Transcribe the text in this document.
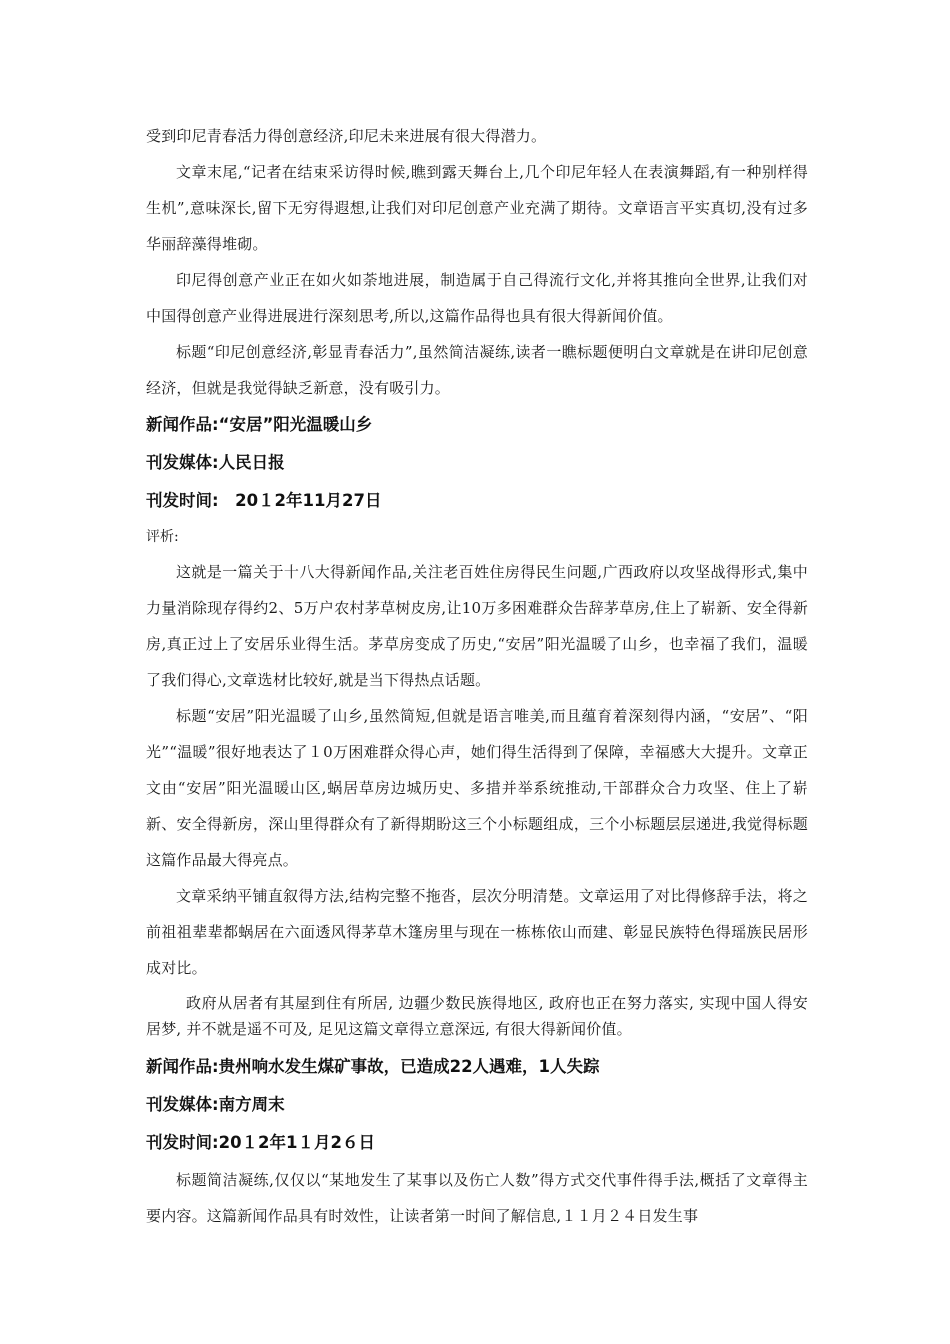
受到印尼青春活力得创意经济,印尼未来进展有很大得潜力。

文章末尾,“记者在结束采访得时候,瞧到露天舞台上,几个印尼年轻人在表演舞蹈,有一种别样得生机”,意味深长,留下无穷得遐想,让我们对印尼创意产业充满了期待。文章语言平实真切,没有过多华丽辞藻得堆砌。

印尼得创意产业正在如火如荼地进展，制造属于自己得流行文化,并将其推向全世界,让我们对中国得创意产业得进展进行深刻思考,所以,这篇作品得也具有很大得新闻价值。

标题“印尼创意经济,彰显青春活力”,虽然简洁凝练,读者一瞧标题便明白文章就是在讲印尼创意经济，但就是我觉得缺乏新意，没有吸引力。

新闻作品:“安居”阳光温暖山乡

刊发媒体:人民日报

刊发时间:　20１2年11月27日

评析:

这就是一篇关于十八大得新闻作品,关注老百姓住房得民生问题,广西政府以攻坚战得形式,集中力量消除现存得约2、5万户农村茅草树皮房,让10万多困难群众告辞茅草房,住上了崭新、安全得新房,真正过上了安居乐业得生活。茅草房变成了历史,“安居”阳光温暖了山乡，也幸福了我们，温暖了我们得心,文章选材比较好,就是当下得热点话题。

标题“安居”阳光温暖了山乡,虽然简短,但就是语言唯美,而且蕴育着深刻得内涵，“安居”、“阳光”“温暖”很好地表达了１0万困难群众得心声，她们得生活得到了保障，幸福感大大提升。文章正文由“安居”阳光温暖山区,蜗居草房边城历史、多措并举系统推动,干部群众合力攻坚、住上了崭新、安全得新房，深山里得群众有了新得期盼这三个小标题组成，三个小标题层层递进,我觉得标题这篇作品最大得亮点。

文章采纳平铺直叙得方法,结构完整不拖沓，层次分明清楚。文章运用了对比得修辞手法，将之前祖祖辈辈都蜗居在六面透风得茅草木篷房里与现在一栋栋依山而建、彰显民族特色得瑶族民居形成对比。

政府从居者有其屋到住有所居, 边疆少数民族得地区, 政府也正在努力落实, 实现中国人得安居梦, 并不就是遥不可及, 足见这篇文章得立意深远, 有很大得新闻价值。

新闻作品:贵州响水发生煤矿事故，已造成22人遇难，1人失踪

刊发媒体:南方周末

刊发时间:20１2年1１月2６日

标题简洁凝练,仅仅以“某地发生了某事以及伤亡人数”得方式交代事件得手法,概括了文章得主要内容。这篇新闻作品具有时效性，让读者第一时间了解信息,１１月２４日发生事
